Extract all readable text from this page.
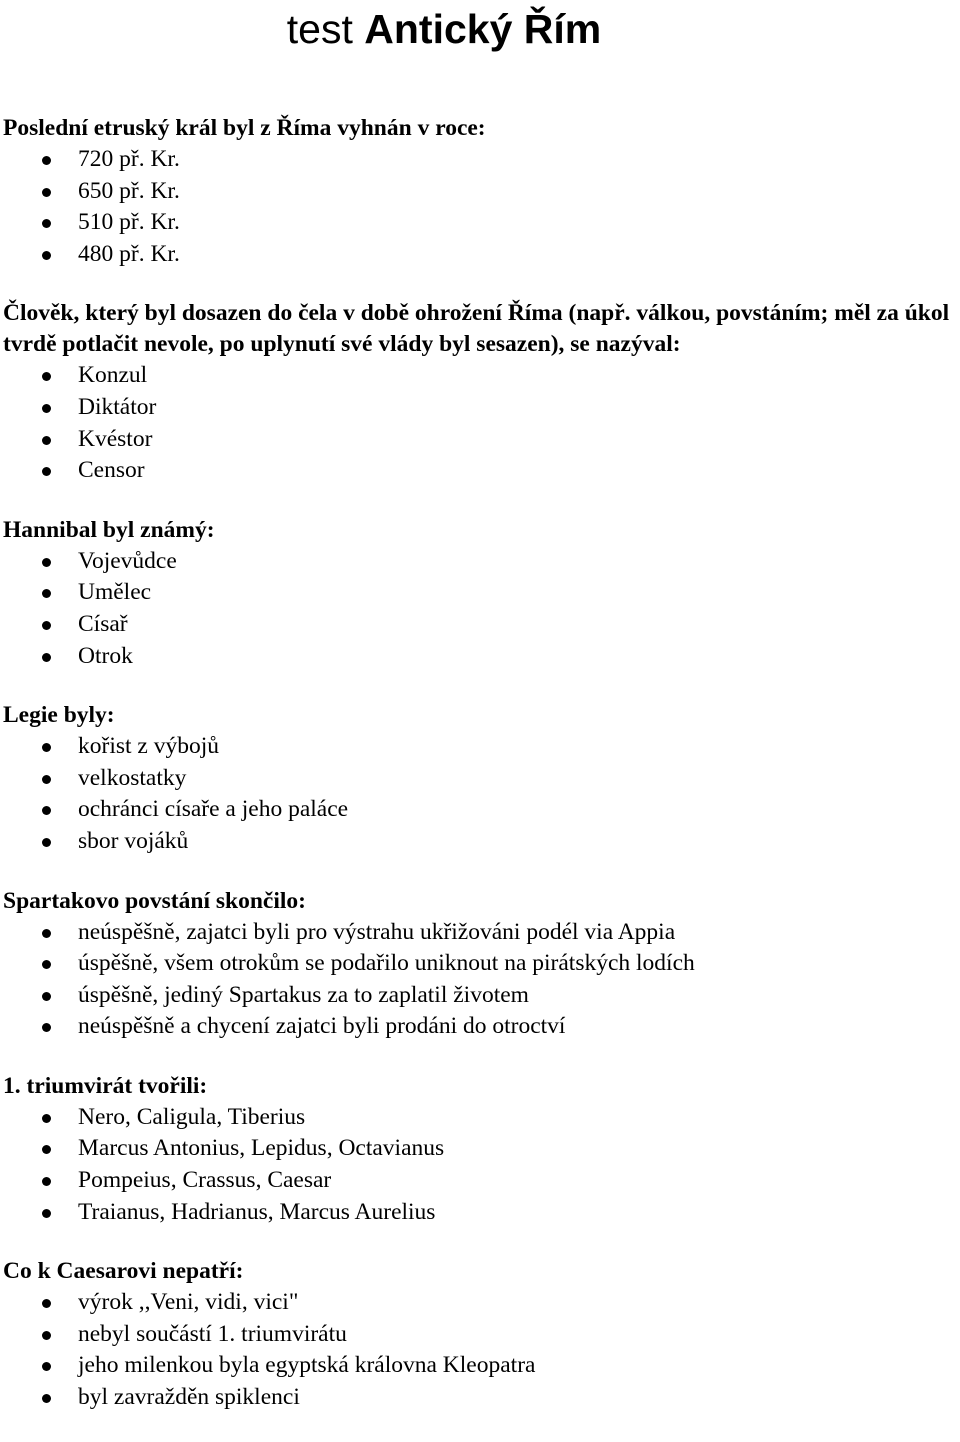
test Antický Řím

Poslední etruský král byl z Říma vyhnán v roce:

720 př. Kr.
650 př. Kr.
510 př. Kr.
480 př. Kr.

Člověk, který byl dosazen do čela v době ohrožení Říma (např. válkou, povstáním; měl za úkol tvrdě potlačit nevole, po uplynutí své vlády byl sesazen), se nazýval:

Konzul
Diktátor
Kvéstor
Censor

Hannibal byl známý:

Vojevůdce
Umělec
Císař
Otrok

Legie byly:

kořist z výbojů
velkostatky
ochránci císaře a jeho paláce
sbor vojáků

Spartakovo povstání skončilo:

neúspěšně, zajatci byli pro výstrahu ukřižováni podél via Appia
úspěšně, všem otrokům se podařilo uniknout na pirátských lodích
úspěšně, jediný Spartakus za to zaplatil životem
neúspěšně a chycení zajatci byli prodáni do otroctví

1. triumvirát tvořili:

Nero, Caligula, Tiberius
Marcus Antonius, Lepidus, Octavianus
Pompeius, Crassus, Caesar
Traianus, Hadrianus, Marcus Aurelius

Co k Caesarovi nepatří:

výrok ,,Veni, vidi, vici"
nebyl součástí 1. triumvirátu
jeho milenkou byla egyptská královna Kleopatra
byl zavražděn spiklenci
